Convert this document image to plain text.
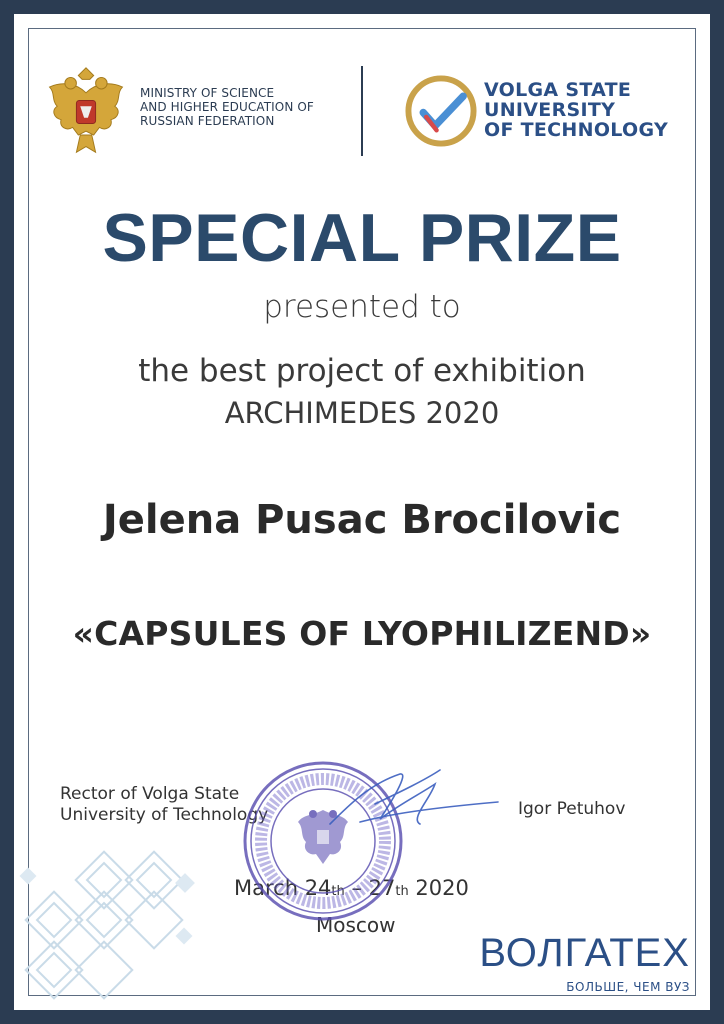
MINISTRY OF SCIENCE
AND HIGHER EDUCATION OF
RUSSIAN FEDERATION
VOLGA STATE
UNIVERSITY
OF TECHNOLOGY
SPECIAL PRIZE
presented to
the best project of exhibition
ARCHIMEDES 2020
Jelena Pusac Brocilovic
«CAPSULES OF LYOPHILIZEND»
Rector of Volga State
University of Technology
March 24th – 27th 2020
Moscow
Igor Petuhov
ВОЛГАТЕХ
БОЛЬШЕ, ЧЕМ ВУЗ
